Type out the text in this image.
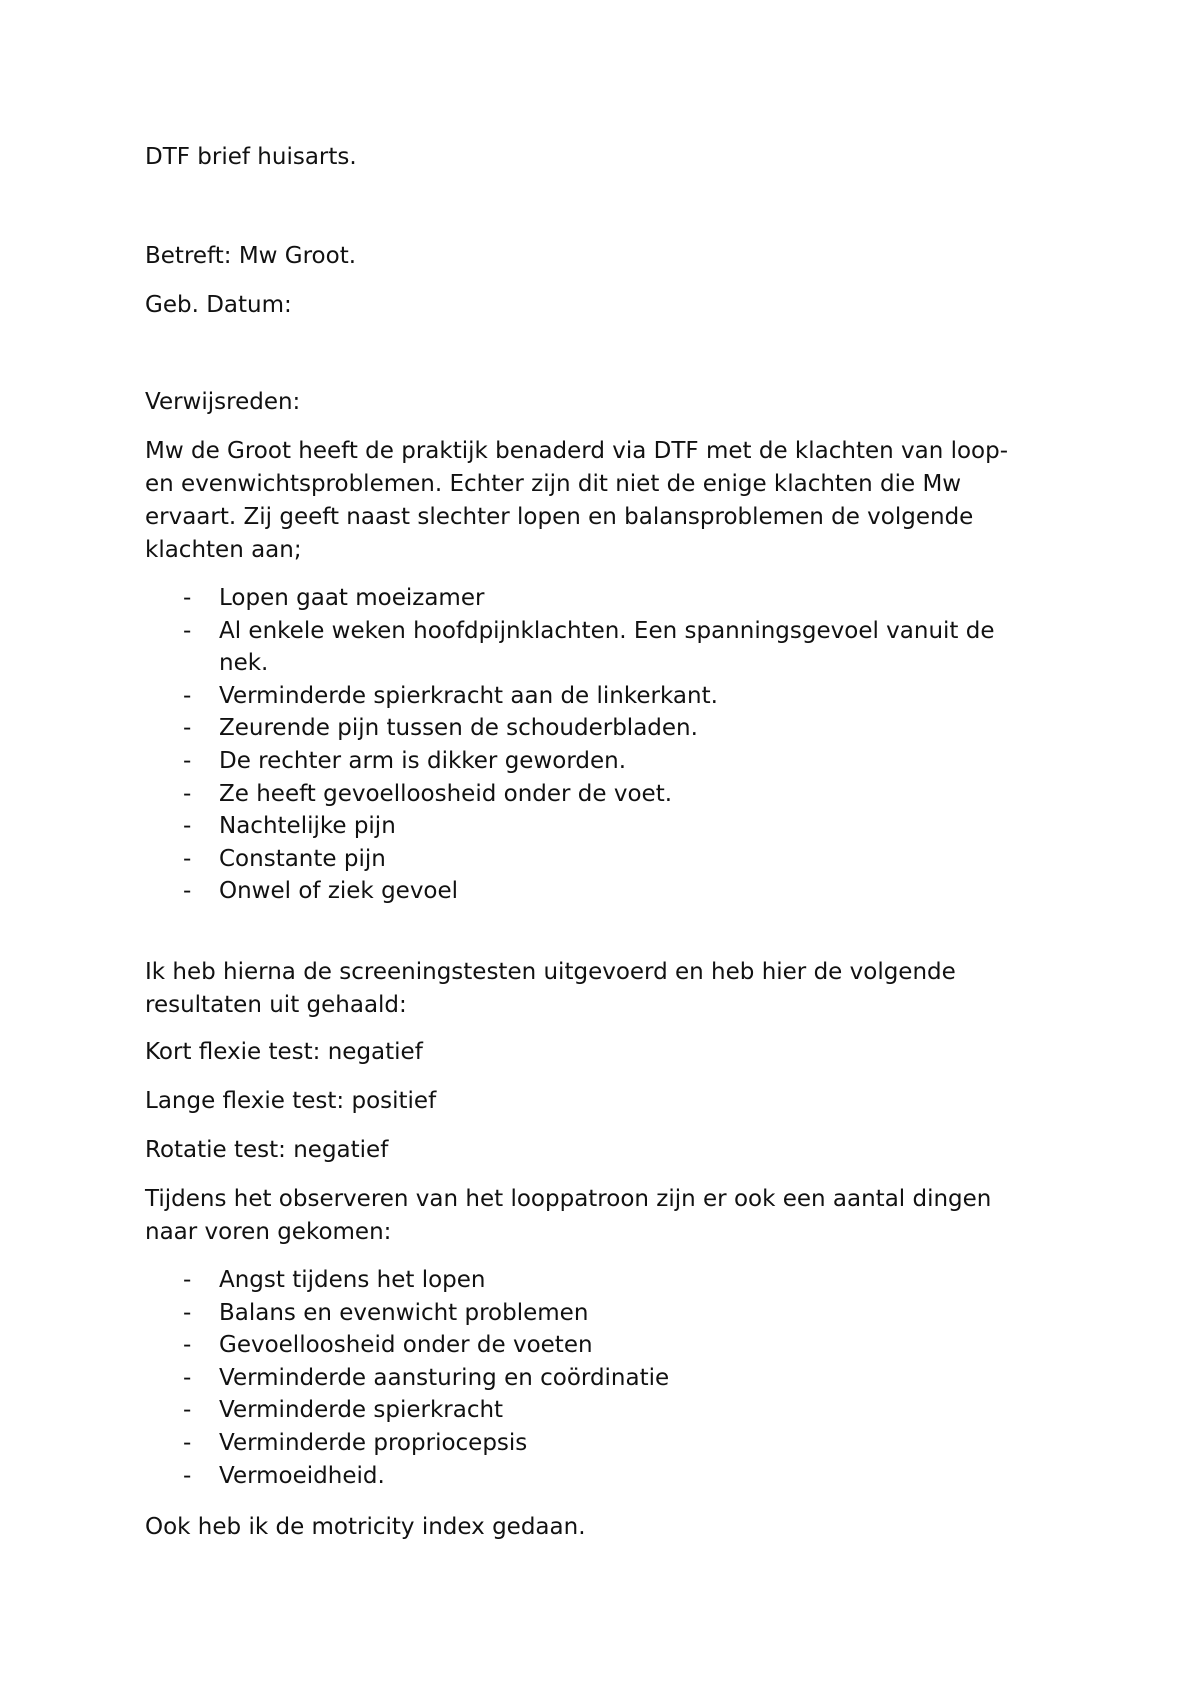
DTF brief huisarts.

Betreft: Mw Groot.

Geb. Datum:

Verwijsreden:

Mw de Groot heeft de praktijk benaderd via DTF met de klachten van loop-
en evenwichtsproblemen. Echter zijn dit niet de enige klachten die Mw
ervaart. Zij geeft naast slechter lopen en balansproblemen de volgende
klachten aan;
- Lopen gaat moeizamer
- Al enkele weken hoofdpijnklachten. Een spanningsgevoel vanuit de
nek.
- Verminderde spierkracht aan de linkerkant.
- Zeurende pijn tussen de schouderbladen.
- De rechter arm is dikker geworden.
- Ze heeft gevoelloosheid onder de voet.
- Nachtelijke pijn
- Constante pijn
- Onwel of ziek gevoel
Ik heb hierna de screeningstesten uitgevoerd en heb hier de volgende
resultaten uit gehaald:

Kort flexie test: negatief

Lange flexie test: positief

Rotatie test: negatief

Tijdens het observeren van het looppatroon zijn er ook een aantal dingen
naar voren gekomen:
- Angst tijdens het lopen
- Balans en evenwicht problemen
- Gevoelloosheid onder de voeten
- Verminderde aansturing en coördinatie
- Verminderde spierkracht
- Verminderde propriocepsis
- Vermoeidheid.

Ook heb ik de motricity index gedaan.
